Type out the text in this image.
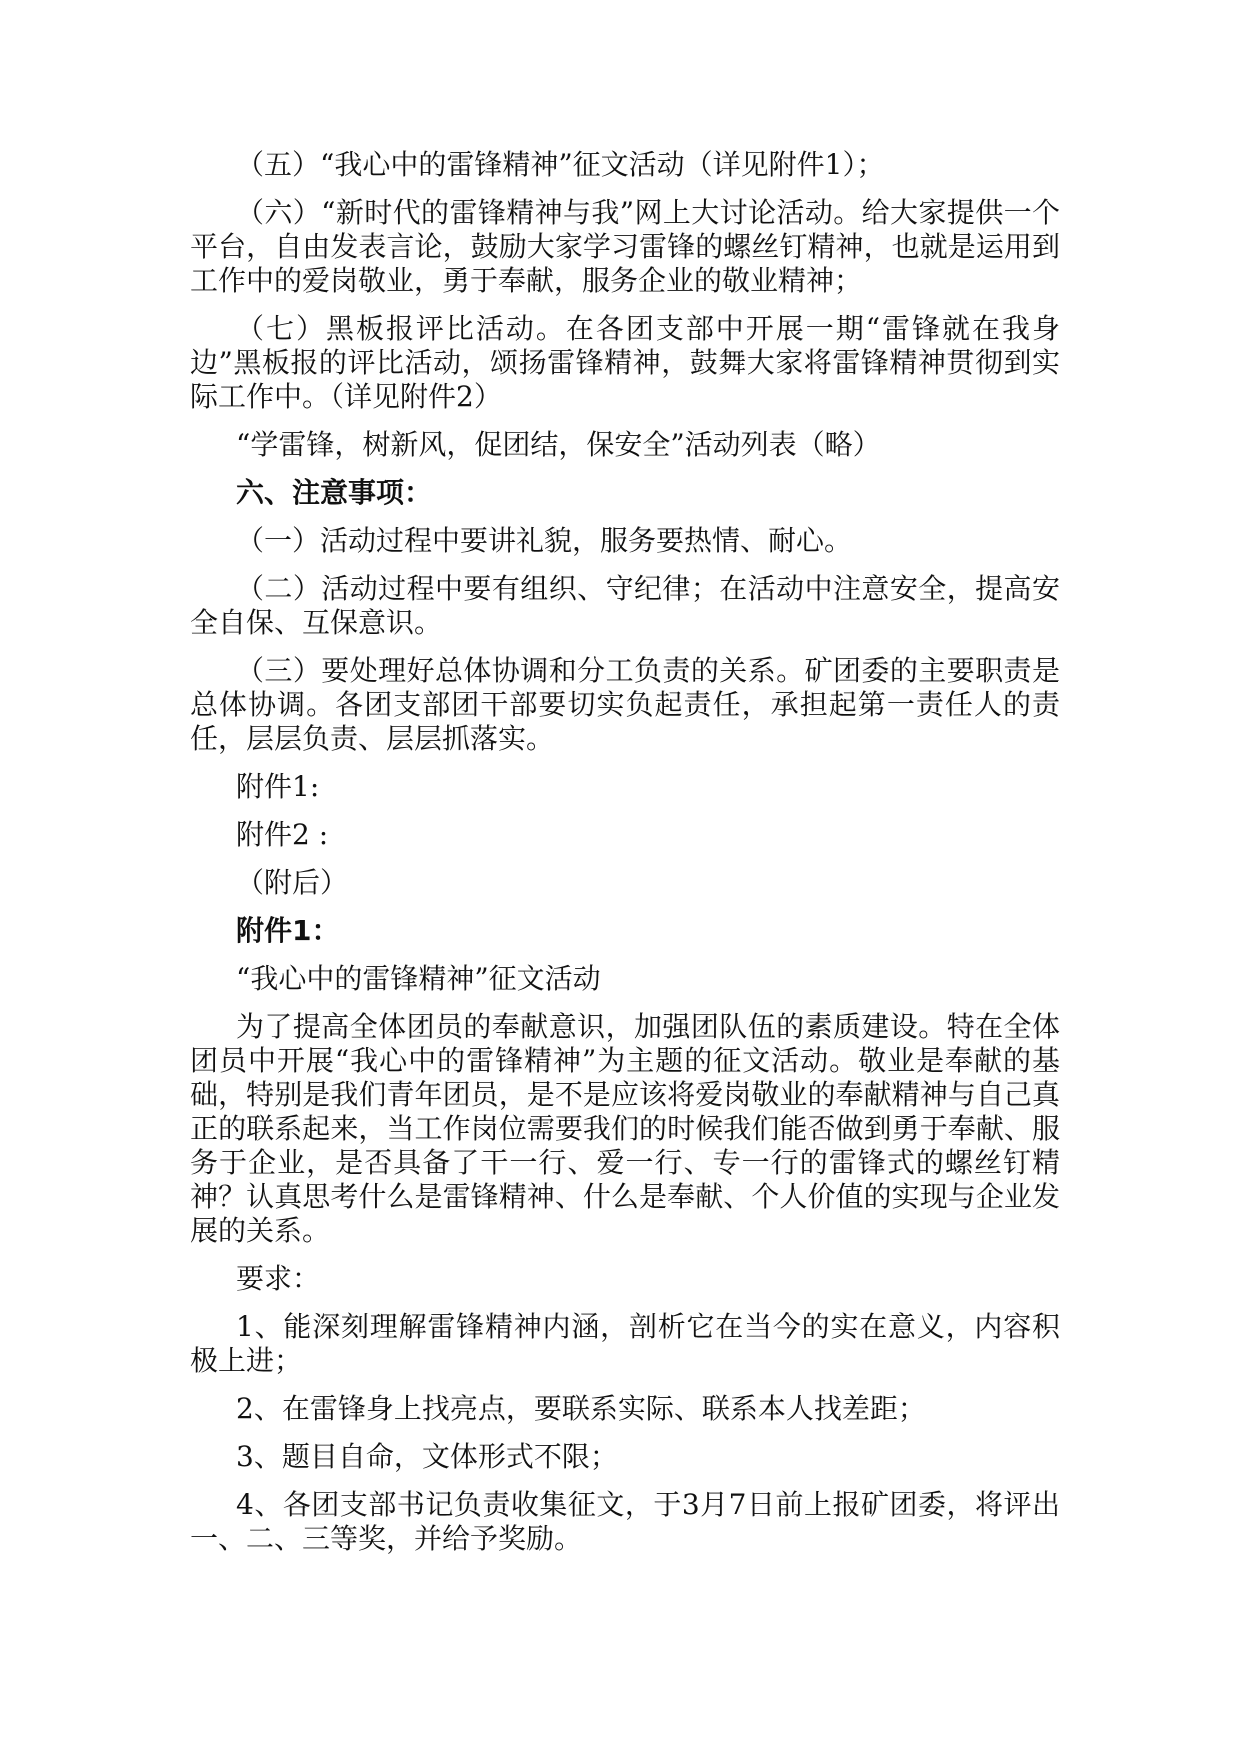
（五）“我心中的雷锋精神”征文活动（详见附件1）；

（六）“新时代的雷锋精神与我”网上大讨论活动。给大家提供一个平台，自由发表言论，鼓励大家学习雷锋的螺丝钉精神，也就是运用到工作中的爱岗敬业，勇于奉献，服务企业的敬业精神；

（七）黑板报评比活动。在各团支部中开展一期“雷锋就在我身边”黑板报的评比活动，颂扬雷锋精神，鼓舞大家将雷锋精神贯彻到实际工作中。（详见附件2）

“学雷锋，树新风，促团结，保安全”活动列表（略）

六、注意事项：

（一）活动过程中要讲礼貌，服务要热情、耐心。

（二）活动过程中要有组织、守纪律；在活动中注意安全，提高安全自保、互保意识。

（三）要处理好总体协调和分工负责的关系。矿团委的主要职责是总体协调。各团支部团干部要切实负起责任，承担起第一责任人的责任，层层负责、层层抓落实。

附件1:

附件2 :

（附后）

附件1：

“我心中的雷锋精神”征文活动

为了提高全体团员的奉献意识，加强团队伍的素质建设。特在全体团员中开展“我心中的雷锋精神”为主题的征文活动。敬业是奉献的基础，特别是我们青年团员，是不是应该将爱岗敬业的奉献精神与自己真正的联系起来，当工作岗位需要我们的时候我们能否做到勇于奉献、服务于企业，是否具备了干一行、爱一行、专一行的雷锋式的螺丝钉精神？认真思考什么是雷锋精神、什么是奉献、个人价值的实现与企业发展的关系。

要求：

1、能深刻理解雷锋精神内涵，剖析它在当今的实在意义，内容积极上进；

2、在雷锋身上找亮点，要联系实际、联系本人找差距；

3、题目自命，文体形式不限；

4、各团支部书记负责收集征文，于3月7日前上报矿团委，将评出一、二、三等奖，并给予奖励。
